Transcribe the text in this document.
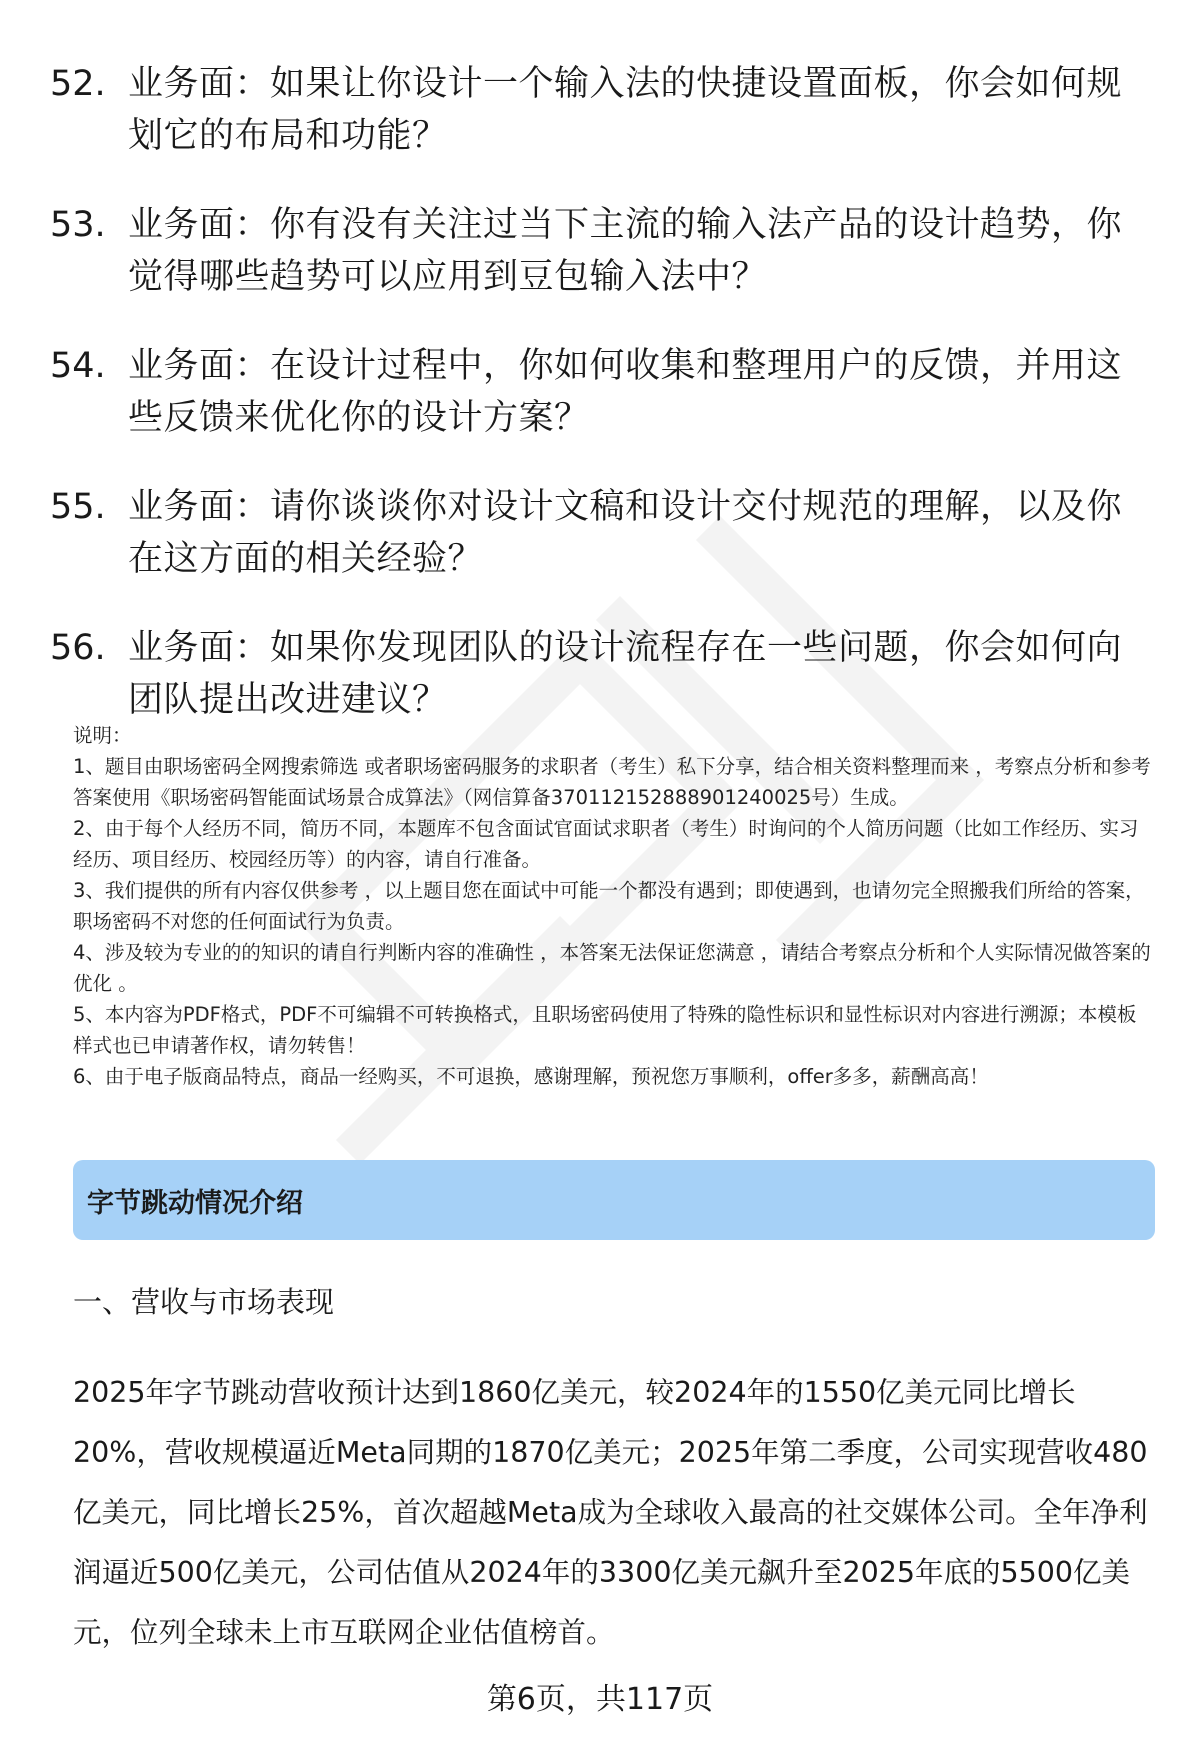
52. 业务面：如果让你设计一个输入法的快捷设置面板，你会如何规划它的布局和功能？
53. 业务面：你有没有关注过当下主流的输入法产品的设计趋势，你觉得哪些趋势可以应用到豆包输入法中？
54. 业务面：在设计过程中，你如何收集和整理用户的反馈，并用这些反馈来优化你的设计方案？
55. 业务面：请你谈谈你对设计文稿和设计交付规范的理解，以及你在这方面的相关经验？
56. 业务面：如果你发现团队的设计流程存在一些问题，你会如何向团队提出改进建议？

说明：

1、题目由职场密码全网搜索筛选 或者职场密码服务的求职者（考生）私下分享，结合相关资料整理而来 ，考察点分析和参考答案使用《职场密码智能面试场景合成算法》（网信算备370112152888901240025号）生成。

2、由于每个人经历不同，简历不同，本题库不包含面试官面试求职者（考生）时询问的个人简历问题（比如工作经历、实习经历、项目经历、校园经历等）的内容，请自行准备。

3、我们提供的所有内容仅供参考 ，以上题目您在面试中可能一个都没有遇到；即使遇到，也请勿完全照搬我们所给的答案，职场密码不对您的任何面试行为负责。

4、涉及较为专业的的知识的请自行判断内容的准确性 ，本答案无法保证您满意 ，请结合考察点分析和个人实际情况做答案的优化 。

5、本内容为PDF格式，PDF不可编辑不可转换格式，且职场密码使用了特殊的隐性标识和显性标识对内容进行溯源；本模板样式也已申请著作权，请勿转售！

6、由于电子版商品特点，商品一经购买，不可退换，感谢理解，预祝您万事顺利，offer多多，薪酬高高！

字节跳动情况介绍
一、营收与市场表现

2025年字节跳动营收预计达到1860亿美元，较2024年的1550亿美元同比增长20%，营收规模逼近Meta同期的1870亿美元；2025年第二季度，公司实现营收480亿美元，同比增长25%，首次超越Meta成为全球收入最高的社交媒体公司。全年净利润逼近500亿美元，公司估值从2024年的3300亿美元飙升至2025年底的5500亿美元，位列全球未上市互联网企业估值榜首。

第6页，共117页
